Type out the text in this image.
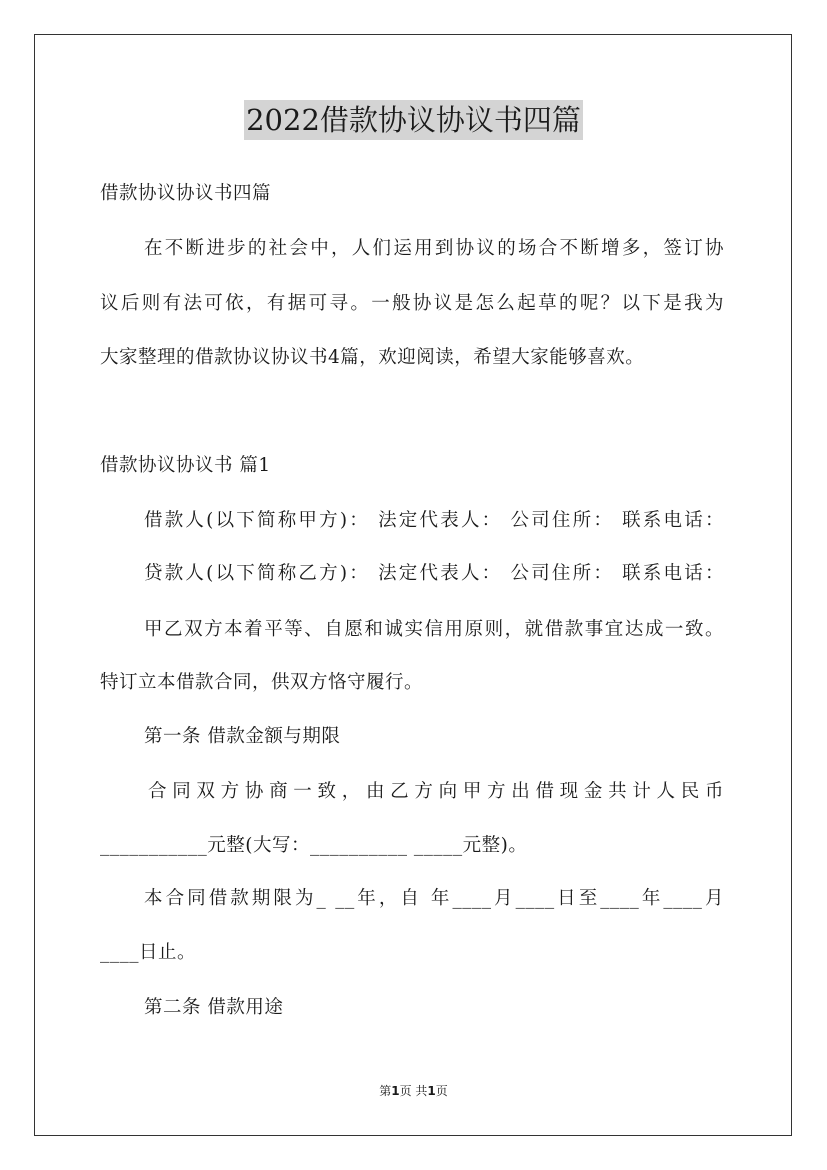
2022借款协议协议书四篇
借款协议协议书四篇
在不断进步的社会中，人们运用到协议的场合不断增多，签订协
议后则有法可依，有据可寻。一般协议是怎么起草的呢？以下是我为
大家整理的借款协议协议书4篇，欢迎阅读，希望大家能够喜欢。
借款协议协议书 篇1
借款人(以下简称甲方)： 法定代表人： 公司住所： 联系电话：
贷款人(以下简称乙方)： 法定代表人： 公司住所： 联系电话：
甲乙双方本着平等、自愿和诚实信用原则，就借款事宜达成一致。
特订立本借款合同，供双方恪守履行。
第一条 借款金额与期限
合同双方协商一致，由乙方向甲方出借现金共计人民币
___________元整(大写：__________ _____元整)。
本合同借款期限为_ __年，自 年____月____日至____年____月
____日止。
第二条 借款用途
第1页 共1页
